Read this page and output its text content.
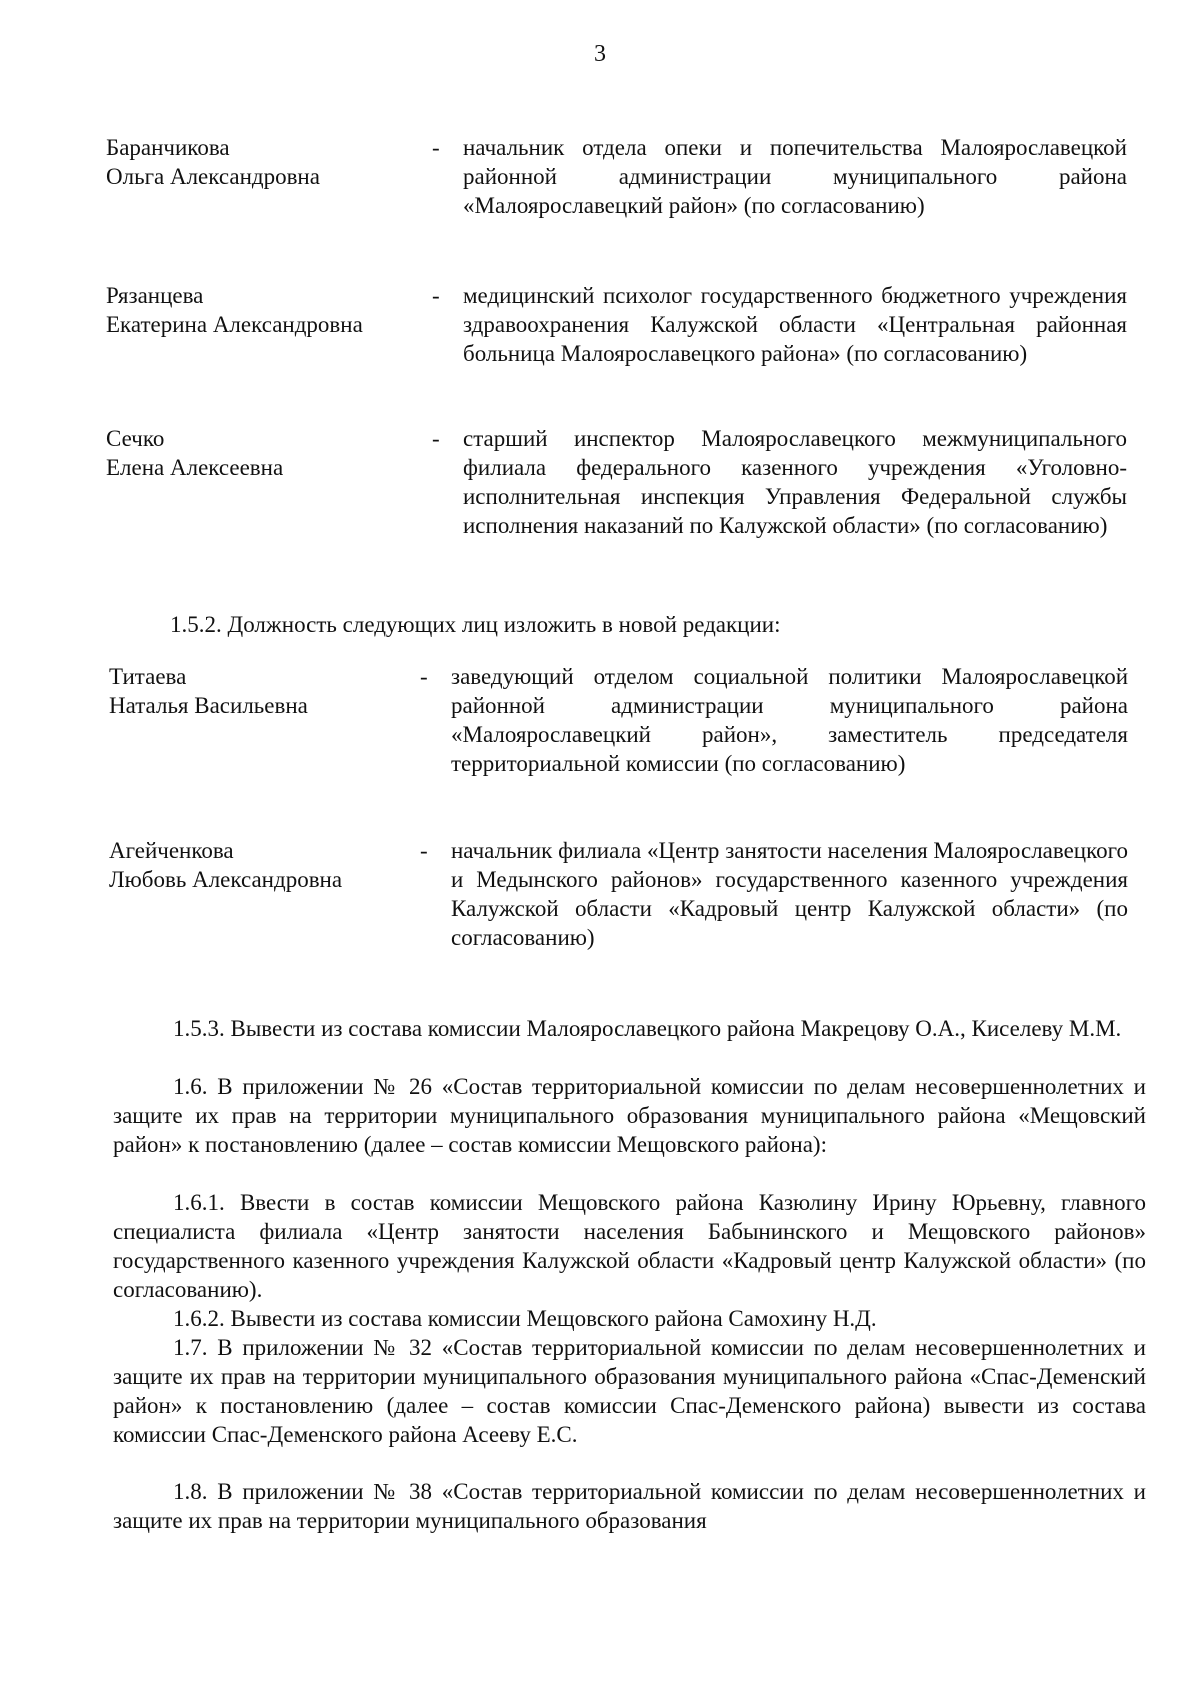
3
Баранчикова
Ольга Александровна
- начальник отдела опеки и попечительства Малоярославецкой районной администрации муниципального района «Малоярославецкий район» (по согласованию)
Рязанцева
Екатерина Александровна
- медицинский психолог государственного бюджетного учреждения здравоохранения Калужской области «Центральная районная больница Малоярославецкого района» (по согласованию)
Сечко
Елена Алексеевна
- старший инспектор Малоярославецкого межмуниципального филиала федерального казенного учреждения «Уголовно-исполнительная инспекция Управления Федеральной службы исполнения наказаний по Калужской области» (по согласованию)
1.5.2. Должность следующих лиц изложить в новой редакции:
Титаева
Наталья Васильевна
- заведующий отделом социальной политики Малоярославецкой районной администрации муниципального района «Малоярославецкий район», заместитель председателя территориальной комиссии (по согласованию)
Агейченкова
Любовь Александровна
- начальник филиала «Центр занятости населения Малоярославецкого и Медынского районов» государственного казенного учреждения Калужской области «Кадровый центр Калужской области» (по согласованию)
1.5.3. Вывести из состава комиссии Малоярославецкого района Макрецову О.А., Киселеву М.М.
1.6. В приложении № 26 «Состав территориальной комиссии по делам несовершеннолетних и защите их прав на территории муниципального образования муниципального района «Мещовский район» к постановлению (далее – состав комиссии Мещовского района):
1.6.1. Ввести в состав комиссии Мещовского района Казюлину Ирину Юрьевну, главного специалиста филиала «Центр занятости населения Бабынинского и Мещовского районов» государственного казенного учреждения Калужской области «Кадровый центр Калужской области» (по согласованию).
1.6.2. Вывести из состава комиссии Мещовского района Самохину Н.Д.
1.7. В приложении № 32 «Состав территориальной комиссии по делам несовершеннолетних и защите их прав на территории муниципального образования муниципального района «Спас-Деменский район» к постановлению (далее – состав комиссии Спас-Деменского района) вывести из состава комиссии Спас-Деменского района Асееву Е.С.
1.8. В приложении № 38 «Состав территориальной комиссии по делам несовершеннолетних и защите их прав на территории муниципального образования
